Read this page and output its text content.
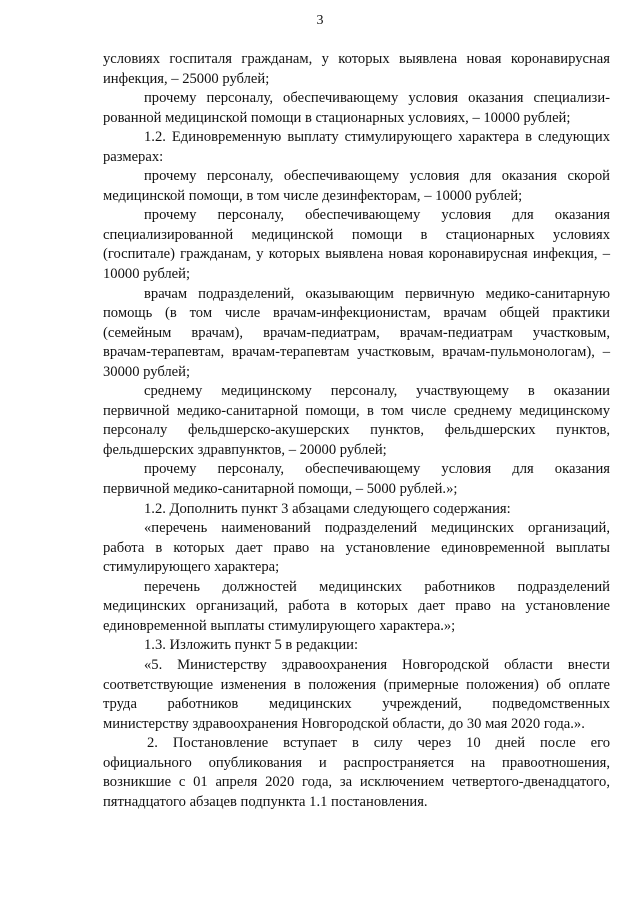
3
условиях госпиталя гражданам, у которых выявлена новая коронавирусная
инфекция, – 25000 рублей;
прочему персоналу, обеспечивающему условия оказания специализи-
рованной медицинской помощи в стационарных условиях, – 10000 рублей;
1.2. Единовременную выплату стимулирующего характера в следующих
размерах:
прочему персоналу, обеспечивающему условия для оказания скорой
медицинской помощи, в том числе дезинфекторам, – 10000 рублей;
прочему персоналу, обеспечивающему условия для оказания
специализированной медицинской помощи в стационарных условиях
(госпитале) гражданам, у которых выявлена новая коронавирусная инфекция, –
10000 рублей;
врачам подразделений, оказывающим первичную медико-санитарную
помощь (в том числе врачам-инфекционистам, врачам общей практики
(семейным врачам), врачам-педиатрам, врачам-педиатрам участковым,
врачам-терапевтам, врачам-терапевтам участковым, врачам-пульмонологам), –
30000 рублей;
среднему медицинскому персоналу, участвующему в оказании
первичной медико-санитарной помощи, в том числе среднему медицинскому
персоналу фельдшерско-акушерских пунктов, фельдшерских пунктов,
фельдшерских здравпунктов, – 20000 рублей;
прочему персоналу, обеспечивающему условия для оказания
первичной медико-санитарной помощи, – 5000 рублей.»;
1.2. Дополнить пункт 3 абзацами следующего содержания:
«перечень наименований подразделений медицинских организаций,
работа в которых дает право на установление единовременной выплаты
стимулирующего характера;
перечень должностей медицинских работников подразделений
медицинских организаций, работа в которых дает право на установление
единовременной выплаты стимулирующего характера.»;
1.3. Изложить пункт 5 в редакции:
«5. Министерству здравоохранения Новгородской области внести
соответствующие изменения в положения (примерные положения) об оплате
труда работников медицинских учреждений, подведомственных
министерству здравоохранения Новгородской области, до 30 мая 2020 года.».
2. Постановление вступает в силу через 10 дней после его
официального опубликования и распространяется на правоотношения,
возникшие с 01 апреля 2020 года, за исключением четвертого-двенадцатого,
пятнадцатого абзацев подпункта 1.1 постановления.
